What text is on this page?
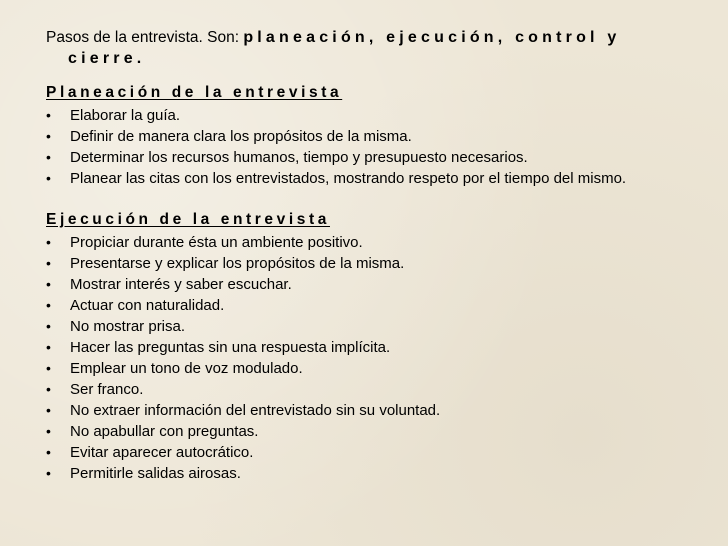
Pasos de la entrevista. Son: planeación, ejecución, control y
cierre.
Planeación de la entrevista
• Elaborar la guía.
• Definir de manera clara los propósitos de la misma.
• Determinar los recursos humanos, tiempo y presupuesto necesarios.
• Planear las citas con los entrevistados, mostrando respeto por el tiempo del mismo.
Ejecución de la entrevista
• Propiciar durante ésta un ambiente positivo.
• Presentarse y explicar los propósitos de la misma.
• Mostrar interés y saber escuchar.
• Actuar con naturalidad.
• No mostrar prisa.
• Hacer las preguntas sin una respuesta implícita.
• Emplear un tono de voz modulado.
• Ser franco.
• No extraer información del entrevistado sin su voluntad.
• No apabullar con preguntas.
• Evitar aparecer autocrático.
• Permitirle salidas airosas.
